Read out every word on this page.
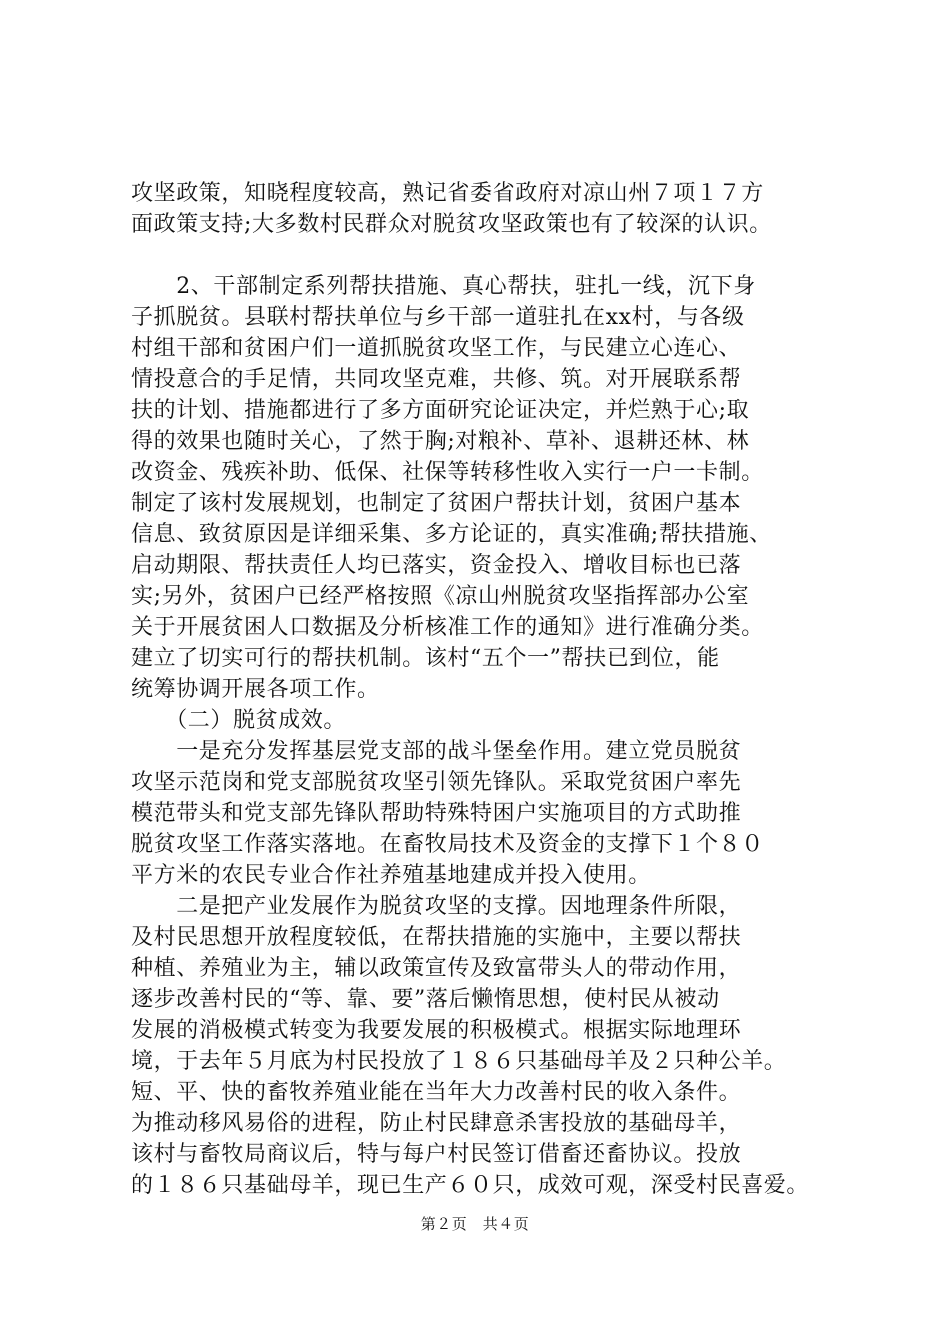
攻坚政策，知晓程度较高，熟记省委省政府对凉山州７项１７方
面政策支持;大多数村民群众对脱贫攻坚政策也有了较深的认识。
　　2、干部制定系列帮扶措施、真心帮扶，驻扎一线，沉下身
子抓脱贫。县联村帮扶单位与乡干部一道驻扎在xx村，与各级
村组干部和贫困户们一道抓脱贫攻坚工作，与民建立心连心、
情投意合的手足情，共同攻坚克难，共修、筑。对开展联系帮
扶的计划、措施都进行了多方面研究论证决定，并烂熟于心;取
得的效果也随时关心，了然于胸;对粮补、草补、退耕还林、林
改资金、残疾补助、低保、社保等转移性收入实行一户一卡制。
制定了该村发展规划，也制定了贫困户帮扶计划，贫困户基本
信息、致贫原因是详细采集、多方论证的，真实准确;帮扶措施、
启动期限、帮扶责任人均已落实，资金投入、增收目标也已落
实;另外，贫困户已经严格按照《凉山州脱贫攻坚指挥部办公室
关于开展贫困人口数据及分析核准工作的通知》进行准确分类。
建立了切实可行的帮扶机制。该村“五个一”帮扶已到位，能
统筹协调开展各项工作。
　　（二）脱贫成效。
　　一是充分发挥基层党支部的战斗堡垒作用。建立党员脱贫
攻坚示范岗和党支部脱贫攻坚引领先锋队。采取党贫困户率先
模范带头和党支部先锋队帮助特殊特困户实施项目的方式助推
脱贫攻坚工作落实落地。在畜牧局技术及资金的支撑下１个８０
平方米的农民专业合作社养殖基地建成并投入使用。
　　二是把产业发展作为脱贫攻坚的支撑。因地理条件所限，
及村民思想开放程度较低，在帮扶措施的实施中，主要以帮扶
种植、养殖业为主，辅以政策宣传及致富带头人的带动作用，
逐步改善村民的“等、靠、要”落后懒惰思想，使村民从被动
发展的消极模式转变为我要发展的积极模式。根据实际地理环
境，于去年５月底为村民投放了１８６只基础母羊及２只种公羊。
短、平、快的畜牧养殖业能在当年大力改善村民的收入条件。
为推动移风易俗的进程，防止村民肆意杀害投放的基础母羊，
该村与畜牧局商议后，特与每户村民签订借畜还畜协议。投放
的１８６只基础母羊，现已生产６０只，成效可观，深受村民喜爱。
第２页　共４页
